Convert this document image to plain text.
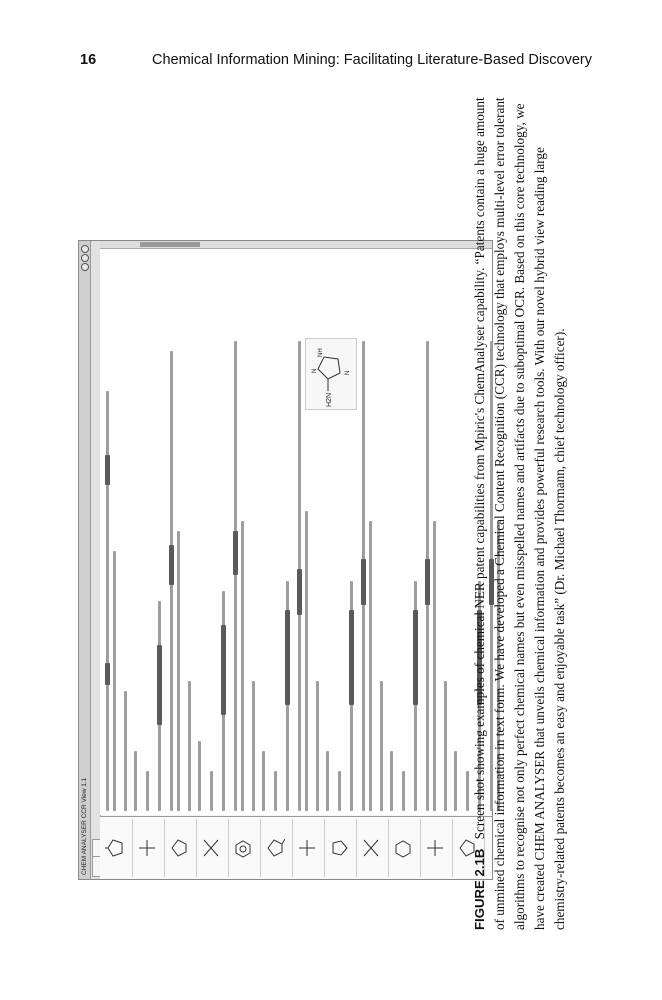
16	Chemical Information Mining: Facilitating Literature-Based Discovery
CHEM ANALYSER CCR View 1.1
H2N
N
NH
N
FIGURE 2.1B Screen shot showing examples of chemical NER patent capabilities from Mpiric's ChemAnalyser capability. “Patents contain a huge amount of unmined chemical information in text form. We have developed a Chemical Content Recognition (CCR) technology that employs multi-level error tolerant algorithms to recognise not only perfect chemical names but even misspelled names and artifacts due to suboptimal OCR. Based on this core technology, we have created CHEM ANALYSER that unveils chemical information and provides powerful research tools. With our novel hybrid view reading large chemistry-related patents becomes an easy and enjoyable task” (Dr. Michael Thormann, chief technology officer).
